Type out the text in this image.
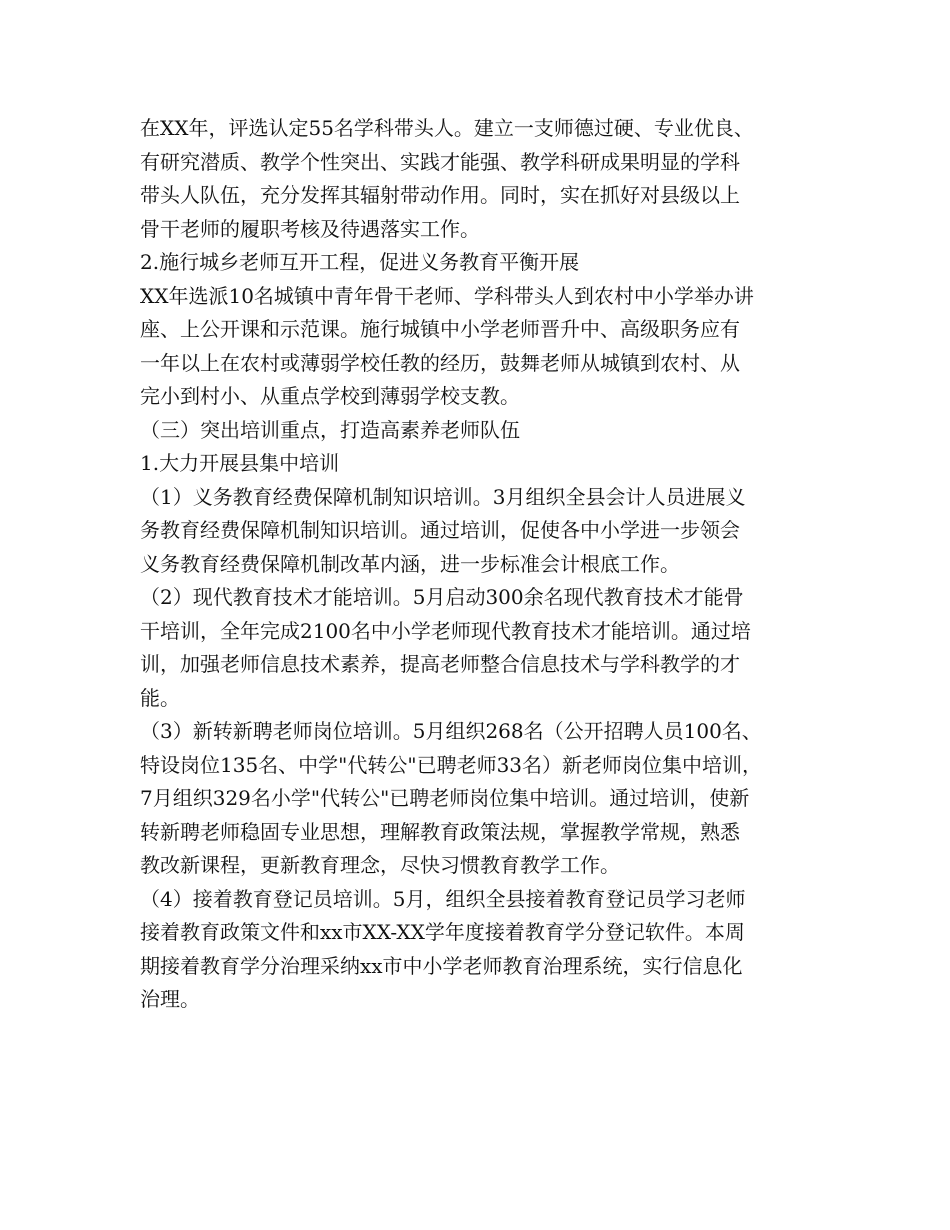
在XX年，评选认定55名学科带头人。建立一支师德过硬、专业优良、
有研究潜质、教学个性突出、实践才能强、教学科研成果明显的学科
带头人队伍，充分发挥其辐射带动作用。同时，实在抓好对县级以上
骨干老师的履职考核及待遇落实工作。

2.施行城乡老师互开工程，促进义务教育平衡开展

XX年选派10名城镇中青年骨干老师、学科带头人到农村中小学举办讲
座、上公开课和示范课。施行城镇中小学老师晋升中、高级职务应有
一年以上在农村或薄弱学校任教的经历，鼓舞老师从城镇到农村、从
完小到村小、从重点学校到薄弱学校支教。

（三）突出培训重点，打造高素养老师队伍

1.大力开展县集中培训

（1）义务教育经费保障机制知识培训。3月组织全县会计人员进展义
务教育经费保障机制知识培训。通过培训，促使各中小学进一步领会
义务教育经费保障机制改革内涵，进一步标准会计根底工作。

（2）现代教育技术才能培训。5月启动300余名现代教育技术才能骨
干培训，全年完成2100名中小学老师现代教育技术才能培训。通过培
训，加强老师信息技术素养，提高老师整合信息技术与学科教学的才
能。

（3）新转新聘老师岗位培训。5月组织268名（公开招聘人员100名、
特设岗位135名、中学"代转公"已聘老师33名）新老师岗位集中培训，
7月组织329名小学"代转公"已聘老师岗位集中培训。通过培训，使新
转新聘老师稳固专业思想，理解教育政策法规，掌握教学常规，熟悉
教改新课程，更新教育理念，尽快习惯教育教学工作。

（4）接着教育登记员培训。5月，组织全县接着教育登记员学习老师
接着教育政策文件和xx市XX-XX学年度接着教育学分登记软件。本周
期接着教育学分治理采纳xx市中小学老师教育治理系统，实行信息化
治理。
